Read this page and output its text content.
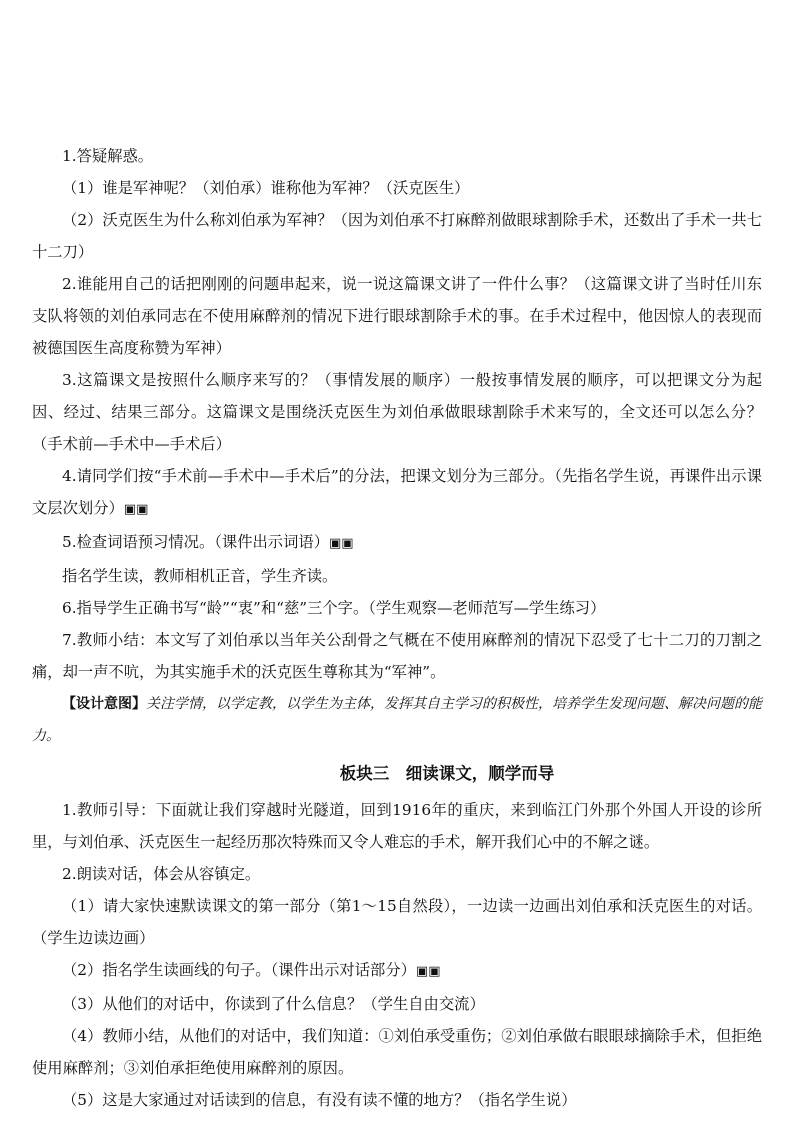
1.答疑解惑。

（1）谁是军神呢？（刘伯承）谁称他为军神？（沃克医生）

（2）沃克医生为什么称刘伯承为军神？（因为刘伯承不打麻醉剂做眼球割除手术，还数出了手术一共七十二刀）

2.谁能用自己的话把刚刚的问题串起来，说一说这篇课文讲了一件什么事？（这篇课文讲了当时任川东支队将领的刘伯承同志在不使用麻醉剂的情况下进行眼球割除手术的事。在手术过程中，他因惊人的表现而被德国医生高度称赞为军神）

3.这篇课文是按照什么顺序来写的？（事情发展的顺序）一般按事情发展的顺序，可以把课文分为起因、经过、结果三部分。这篇课文是围绕沃克医生为刘伯承做眼球割除手术来写的，全文还可以怎么分？（手术前—手术中—手术后）

4.请同学们按“手术前—手术中—手术后”的分法，把课文划分为三部分。（先指名学生说，再课件出示课文层次划分）▣▣

5.检查词语预习情况。（课件出示词语）▣▣

指名学生读，教师相机正音，学生齐读。

6.指导学生正确书写“龄”“衷”和“慈”三个字。（学生观察—老师范写—学生练习）

7.教师小结：本文写了刘伯承以当年关公刮骨之气概在不使用麻醉剂的情况下忍受了七十二刀的刀割之痛，却一声不吭，为其实施手术的沃克医生尊称其为“军神”。

【设计意图】关注学情，以学定教，以学生为主体，发挥其自主学习的积极性，培养学生发现问题、解决问题的能力。

板块三　细读课文，顺学而导

1.教师引导：下面就让我们穿越时光隧道，回到1916年的重庆，来到临江门外那个外国人开设的诊所里，与刘伯承、沃克医生一起经历那次特殊而又令人难忘的手术，解开我们心中的不解之谜。

2.朗读对话，体会从容镇定。

（1）请大家快速默读课文的第一部分（第1～15自然段），一边读一边画出刘伯承和沃克医生的对话。（学生边读边画）

（2）指名学生读画线的句子。（课件出示对话部分）▣▣

（3）从他们的对话中，你读到了什么信息？（学生自由交流）

（4）教师小结，从他们的对话中，我们知道：①刘伯承受重伤；②刘伯承做右眼眼球摘除手术，但拒绝使用麻醉剂；③刘伯承拒绝使用麻醉剂的原因。

（5）这是大家通过对话读到的信息，有没有读不懂的地方？（指名学生说）
